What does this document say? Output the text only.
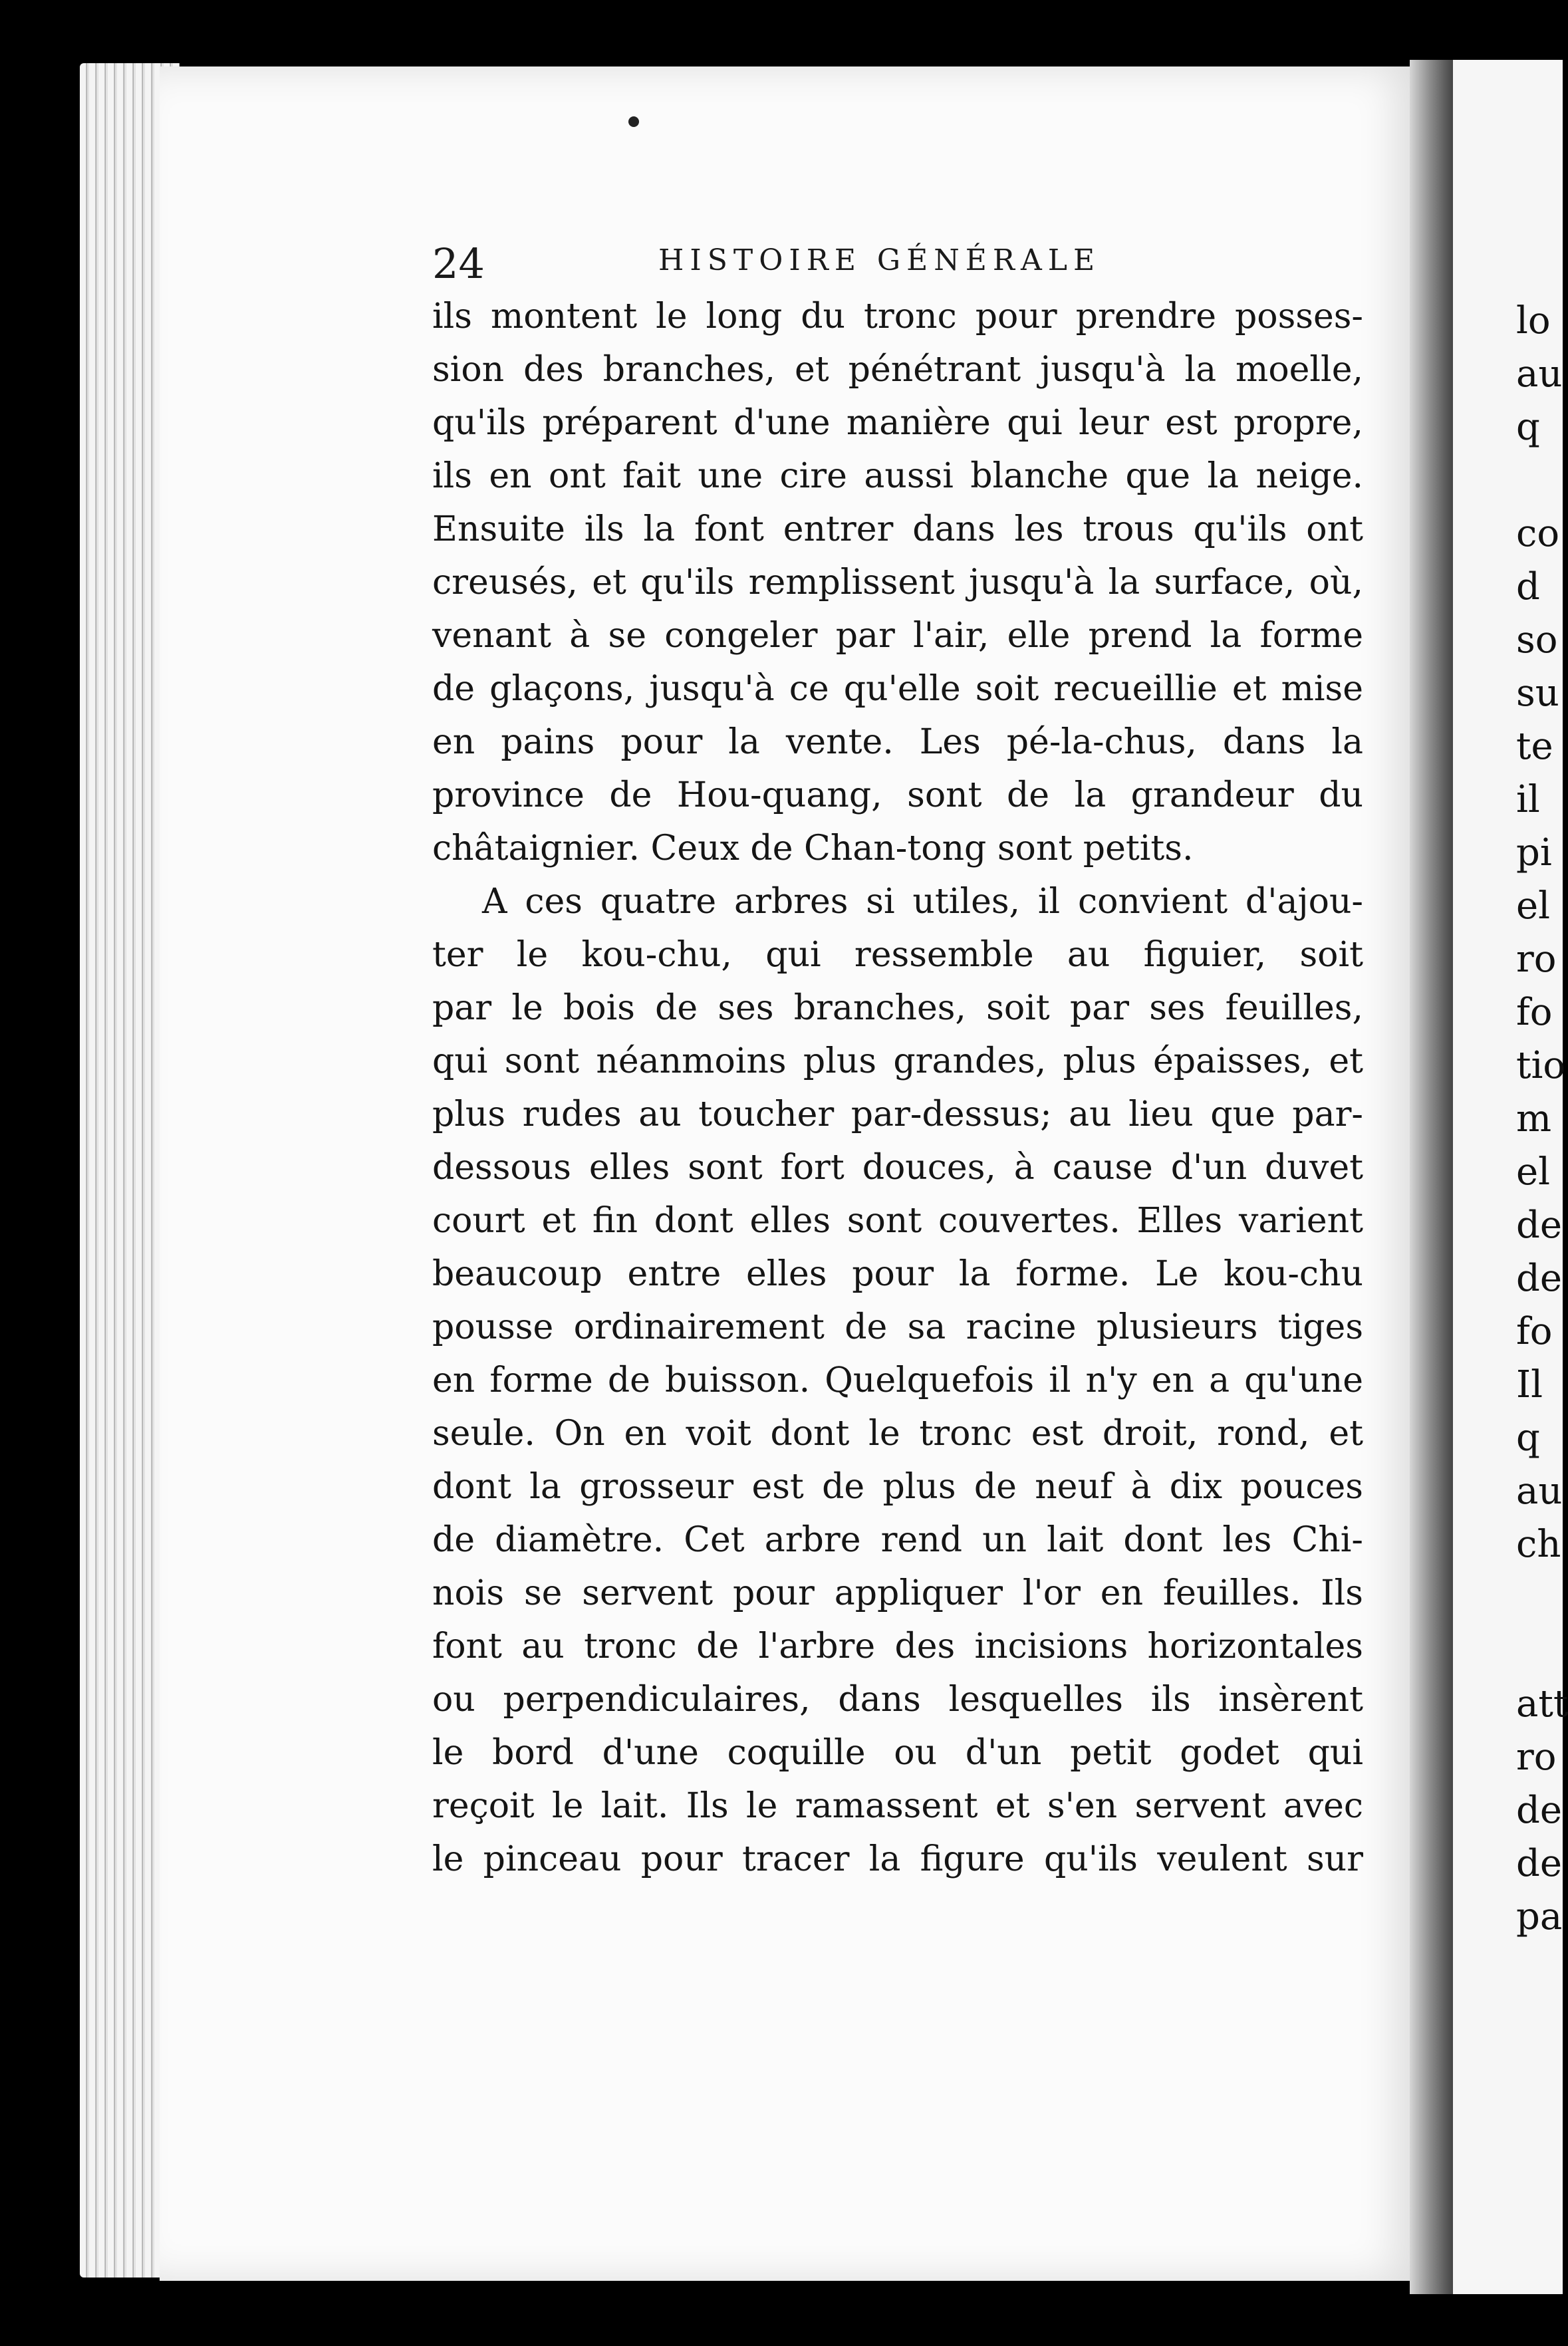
24	HISTOIRE GÉNÉRALE
ils montent le long du tronc pour prendre posses-
sion des branches, et pénétrant jusqu'à la moelle,
qu'ils préparent d'une manière qui leur est propre,
ils en ont fait une cire aussi blanche que la neige.
Ensuite ils la font entrer dans les trous qu'ils ont
creusés, et qu'ils remplissent jusqu'à la surface, où,
venant à se congeler par l'air, elle prend la forme
de glaçons, jusqu'à ce qu'elle soit recueillie et mise
en pains pour la vente. Les pé-la-chus, dans la
province de Hou-quang, sont de la grandeur du
châtaignier. Ceux de Chan-tong sont petits.
A ces quatre arbres si utiles, il convient d'ajou-
ter le kou-chu, qui ressemble au figuier, soit
par le bois de ses branches, soit par ses feuilles,
qui sont néanmoins plus grandes, plus épaisses, et
plus rudes au toucher par-dessus; au lieu que par-
dessous elles sont fort douces, à cause d'un duvet
court et fin dont elles sont couvertes. Elles varient
beaucoup entre elles pour la forme. Le kou-chu
pousse ordinairement de sa racine plusieurs tiges
en forme de buisson. Quelquefois il n'y en a qu'une
seule. On en voit dont le tronc est droit, rond, et
dont la grosseur est de plus de neuf à dix pouces
de diamètre. Cet arbre rend un lait dont les Chi-
nois se servent pour appliquer l'or en feuilles. Ils
font au tronc de l'arbre des incisions horizontales
ou perpendiculaires, dans lesquelles ils insèrent
le bord d'une coquille ou d'un petit godet qui
reçoit le lait. Ils le ramassent et s'en servent avec
le pinceau pour tracer la figure qu'ils veulent sur
lo
au
q
co
d
so
su
te
il
pi
el
ro
fo
tio
m
el
de
de
fo
Il
q
au
ch
att
ro
de
de
pa
